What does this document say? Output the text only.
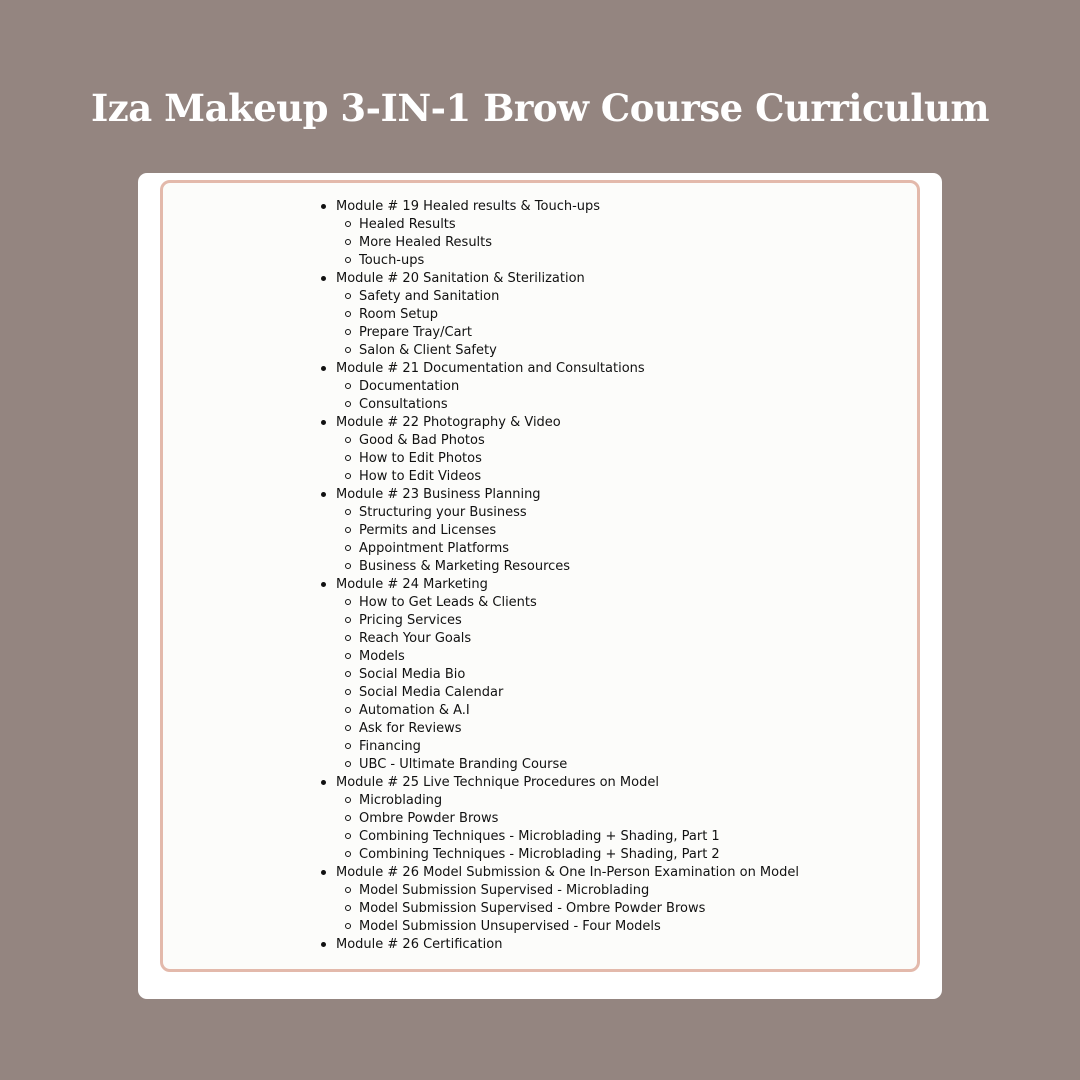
Iza Makeup 3-IN-1 Brow Course Curriculum
Module # 19 Healed results & Touch-ups
Healed Results
More Healed Results
Touch-ups
Module # 20 Sanitation & Sterilization
Safety and Sanitation
Room Setup
Prepare Tray/Cart
Salon & Client Safety
Module # 21 Documentation and Consultations
Documentation
Consultations
Module # 22 Photography & Video
Good & Bad Photos
How to Edit Photos
How to Edit Videos
Module # 23 Business Planning
Structuring your Business
Permits and Licenses
Appointment Platforms
Business & Marketing Resources
Module # 24 Marketing
How to Get Leads & Clients
Pricing Services
Reach Your Goals
Models
Social Media Bio
Social Media Calendar
Automation & A.I
Ask for Reviews
Financing
UBC - Ultimate Branding Course
Module # 25 Live Technique Procedures on Model
Microblading
Ombre Powder Brows
Combining Techniques - Microblading + Shading, Part 1
Combining Techniques - Microblading + Shading, Part 2
Module # 26 Model Submission & One In-Person Examination on Model
Model Submission Supervised - Microblading
Model Submission Supervised - Ombre Powder Brows
Model Submission Unsupervised - Four Models
Module # 26 Certification
